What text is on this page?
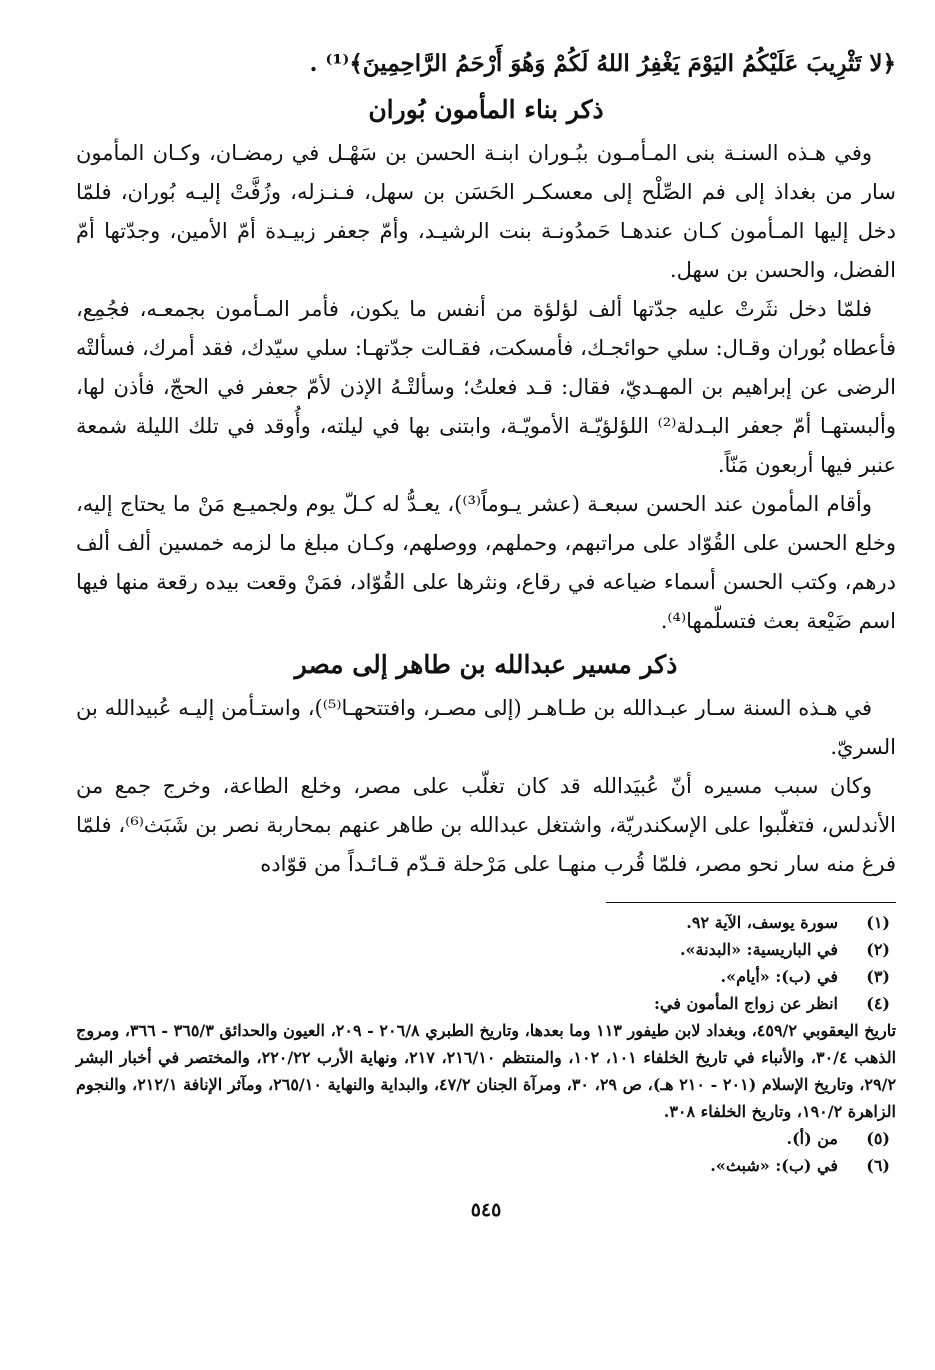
﴿لا تَثْرِيبَ عَلَيْكُمُ اليَوْمَ يَغْفِرُ اللهُ لَكُمْ وَهُوَ أَرْحَمُ الرَّاحِمِينَ﴾⁽¹⁾ .

ذكر بناء المأمون بُوران

وفي هـذه السنـة بنى المـأمـون ببُـوران ابنـة الحسن بن سَهْـل في رمضـان، وكـان المأمون سار من بغداذ إلى فم الصِّلْح إلى معسكـر الحَسَن بن سهل، فـنـزله، وزُفَّتْ إليـه بُوران، فلمّا دخل إليها المـأمون كـان عندهـا حَمدُونـة بنت الرشيـد، وأمّ جعفر زبيـدة أمّ الأمين، وجدّتها أمّ الفضل، والحسن بن سهل.

فلمّا دخل نثَرتْ عليه جدّتها ألف لؤلؤة من أنفس ما يكون، فأمر المـأمون بجمعـه، فجُمِع، فأعطاه بُوران وقـال: سلي حوائجـك، فأمسكت، فقـالت جدّتهـا: سلي سيّدك، فقد أمرك، فسألتْه الرضى عن إبراهيم بن المهـديّ، فقال: قـد فعلتُ؛ وسألتْـهُ الإذن لأمّ جعفر في الحجّ، فأذن لها، وألبستهـا أمّ جعفر البـدلة⁽²⁾ اللؤلؤيّـة الأمويّـة، وابتنى بها في ليلته، وأُوقد في تلك الليلة شمعة عنبر فيها أربعون مَنّاً.

وأقام المأمون عند الحسن سبعـة (عشر يـوماً⁽³⁾)، يعـدُّ له كـلّ يوم ولجميـع مَنْ ما يحتاج إليه، وخلع الحسن على القُوّاد على مراتبهم، وحملهم، ووصلهم، وكـان مبلغ ما لزمه خمسين ألف ألف درهم، وكتب الحسن أسماء ضياعه في رقاع، ونثرها على القُوّاد، فمَنْ وقعت بيده رقعة منها فيها اسم ضَيْعة بعث فتسلّمها⁽⁴⁾.

ذكر مسير عبدالله بن طاهر إلى مصر

في هـذه السنة سـار عبـدالله بن طـاهـر (إلى مصـر، وافتتحهـا⁽⁵⁾)، واستـأمن إليـه عُبيدالله بن السريّ.

وكان سبب مسيره أنّ عُبيَدالله قد كان تغلّب على مصر، وخلع الطاعة، وخرج جمع من الأندلس، فتغلّبوا على الإسكندريّة، واشتغل عبدالله بن طاهر عنهم بمحاربة نصر بن شَبَث⁽⁶⁾، فلمّا فرغ منه سار نحو مصر، فلمّا قُرب منهـا على مَرْحلة قـدّم قـائـداً من قوّاده

(١)
سورة يوسف، الآية ٩٢.
(٢)
في الباريسية: «البدنة».
(٣)
في (ب): «أيام».
(٤)
انظر عن زواج المأمون في:

تاريخ اليعقوبي ٤٥٩/٢، وبغداد لابن طيفور ١١٣ وما بعدها، وتاريخ الطبري ٢٠٦/٨ - ٢٠٩، العيون والحدائق ٣٦٥/٣ - ٣٦٦، ومروج الذهب ٣٠/٤، والأنباء في تاريخ الخلفاء ١٠١، ١٠٢، والمنتظم ٢١٦/١٠، ٢١٧، ونهاية الأرب ٢٢٠/٢٢، والمختصر في أخبار البشر ٢٩/٢، وتاريخ الإسلام (٢٠١ - ٢١٠ هـ)، ص ٢٩، ٣٠، ومرآة الجنان ٤٧/٢، والبداية والنهاية ٢٦٥/١٠، ومآثر الإنافة ٢١٢/١، والنجوم الزاهرة ١٩٠/٢، وتاريخ الخلفاء ٣٠٨.

(٥)
من (أ).
(٦)
في (ب): «شبث».
٥٤٥
